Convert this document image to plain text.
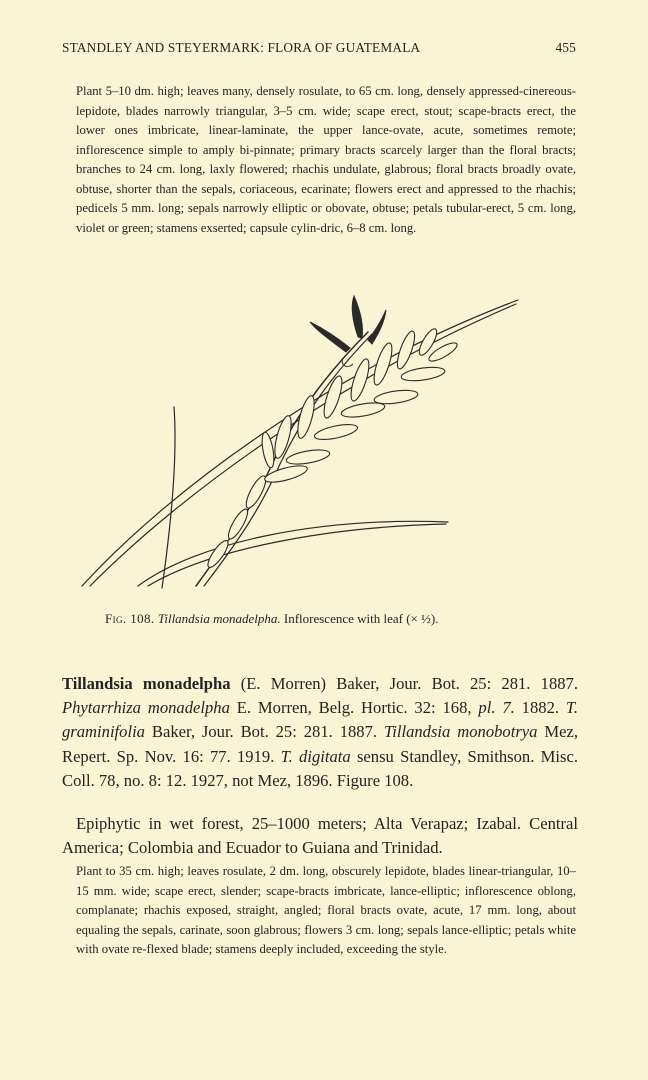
STANDLEY AND STEYERMARK: FLORA OF GUATEMALA	455

Plant 5–10 dm. high; leaves many, densely rosulate, to 65 cm. long, densely appressed-cinereous-lepidote, blades narrowly triangular, 3–5 cm. wide; scape erect, stout; scape-bracts erect, the lower ones imbricate, linear-laminate, the upper lance-ovate, acute, sometimes remote; inflorescence simple to amply bi-pinnate; primary bracts scarcely larger than the floral bracts; branches to 24 cm. long, laxly flowered; rhachis undulate, glabrous; floral bracts broadly ovate, obtuse, shorter than the sepals, coriaceous, ecarinate; flowers erect and appressed to the rhachis; pedicels 5 mm. long; sepals narrowly elliptic or obovate, obtuse; petals tubular-erect, 5 cm. long, violet or green; stamens exserted; capsule cylin-dric, 6–8 cm. long.

Fig. 108. Tillandsia monadelpha. Inflorescence with leaf (× ½).
Tillandsia monadelpha (E. Morren) Baker, Jour. Bot. 25: 281. 1887. Phytarrhiza monadelpha E. Morren, Belg. Hortic. 32: 168, pl. 7. 1882. T. graminifolia Baker, Jour. Bot. 25: 281. 1887. Tillandsia monobotrya Mez, Repert. Sp. Nov. 16: 77. 1919. T. digitata sensu Standley, Smithson. Misc. Coll. 78, no. 8: 12. 1927, not Mez, 1896. Figure 108.
Epiphytic in wet forest, 25–1000 meters; Alta Verapaz; Izabal. Central America; Colombia and Ecuador to Guiana and Trinidad.

Plant to 35 cm. high; leaves rosulate, 2 dm. long, obscurely lepidote, blades linear-triangular, 10–15 mm. wide; scape erect, slender; scape-bracts imbricate, lance-elliptic; inflorescence oblong, complanate; rhachis exposed, straight, angled; floral bracts ovate, acute, 17 mm. long, about equaling the sepals, carinate, soon glabrous; flowers 3 cm. long; sepals lance-elliptic; petals white with ovate re-flexed blade; stamens deeply included, exceeding the style.
